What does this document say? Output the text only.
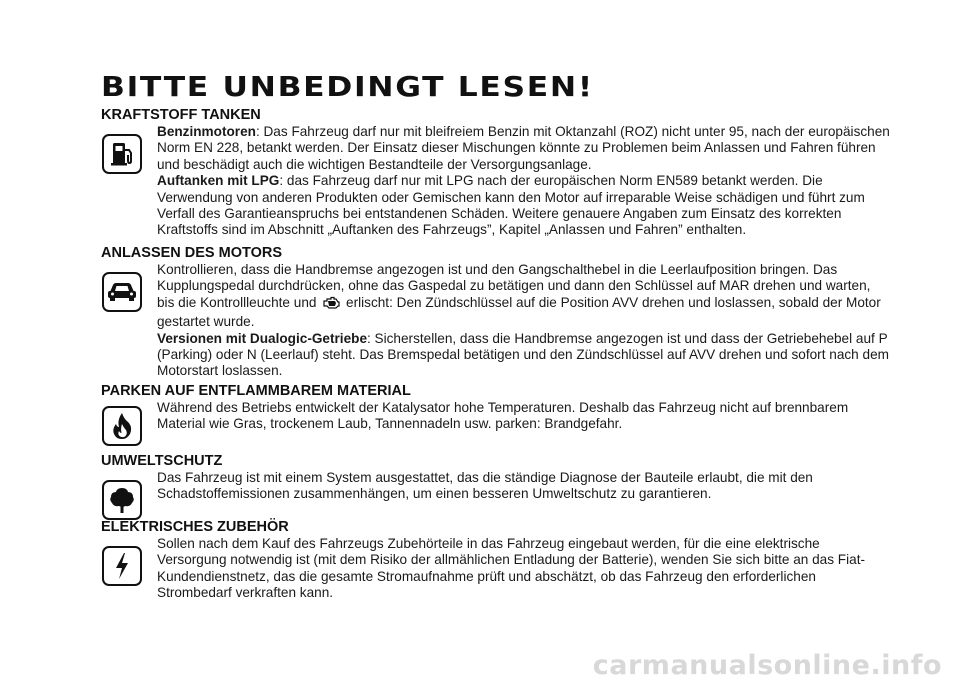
BITTE UNBEDINGT LESEN!
KRAFTSTOFF TANKEN

Benzinmotoren: Das Fahrzeug darf nur mit bleifreiem Benzin mit Oktanzahl (ROZ) nicht unter 95, nach der europäischen Norm EN 228, betankt werden. Der Einsatz dieser Mischungen könnte zu Problemen beim Anlassen und Fahren führen und beschädigt auch die wichtigen Bestandteile der Versorgungsanlage.

Auftanken mit LPG: das Fahrzeug darf nur mit LPG nach der europäischen Norm EN589 betankt werden. Die Verwendung von anderen Produkten oder Gemischen kann den Motor auf irreparable Weise schädigen und führt zum Verfall des Garantieanspruchs bei entstandenen Schäden. Weitere genauere Angaben zum Einsatz des korrekten Kraftstoffs sind im Abschnitt „Auftanken des Fahrzeugs”, Kapitel „Anlassen und Fahren” enthalten.

ANLASSEN DES MOTORS

Kontrollieren, dass die Handbremse angezogen ist und den Gangschalthebel in die Leerlaufposition bringen. Das Kupplungspedal durchdrücken, ohne das Gaspedal zu betätigen und dann den Schlüssel auf MAR drehen und warten, bis die Kontrollleuchte und erlischt: Den Zündschlüssel auf die Position AVV drehen und loslassen, sobald der Motor gestartet wurde.

Versionen mit Dualogic-Getriebe: Sicherstellen, dass die Handbremse angezogen ist und dass der Getriebehebel auf P (Parking) oder N (Leerlauf) steht. Das Bremspedal betätigen und den Zündschlüssel auf AVV drehen und sofort nach dem Motorstart loslassen.

PARKEN AUF ENTFLAMMBAREM MATERIAL

Während des Betriebs entwickelt der Katalysator hohe Temperaturen. Deshalb das Fahrzeug nicht auf brennbarem Material wie Gras, trockenem Laub, Tannennadeln usw. parken: Brandgefahr.

UMWELTSCHUTZ

Das Fahrzeug ist mit einem System ausgestattet, das die ständige Diagnose der Bauteile erlaubt, die mit den Schadstoffemissionen zusammenhängen, um einen besseren Umweltschutz zu garantieren.

ELEKTRISCHES ZUBEHÖR

Sollen nach dem Kauf des Fahrzeugs Zubehörteile in das Fahrzeug eingebaut werden, für die eine elektrische Versorgung notwendig ist (mit dem Risiko der allmählichen Entladung der Batterie), wenden Sie sich bitte an das Fiat-Kundendienstnetz, das die gesamte Stromaufnahme prüft und abschätzt, ob das Fahrzeug den erforderlichen Strombedarf verkraften kann.

carmanualsonline.info
